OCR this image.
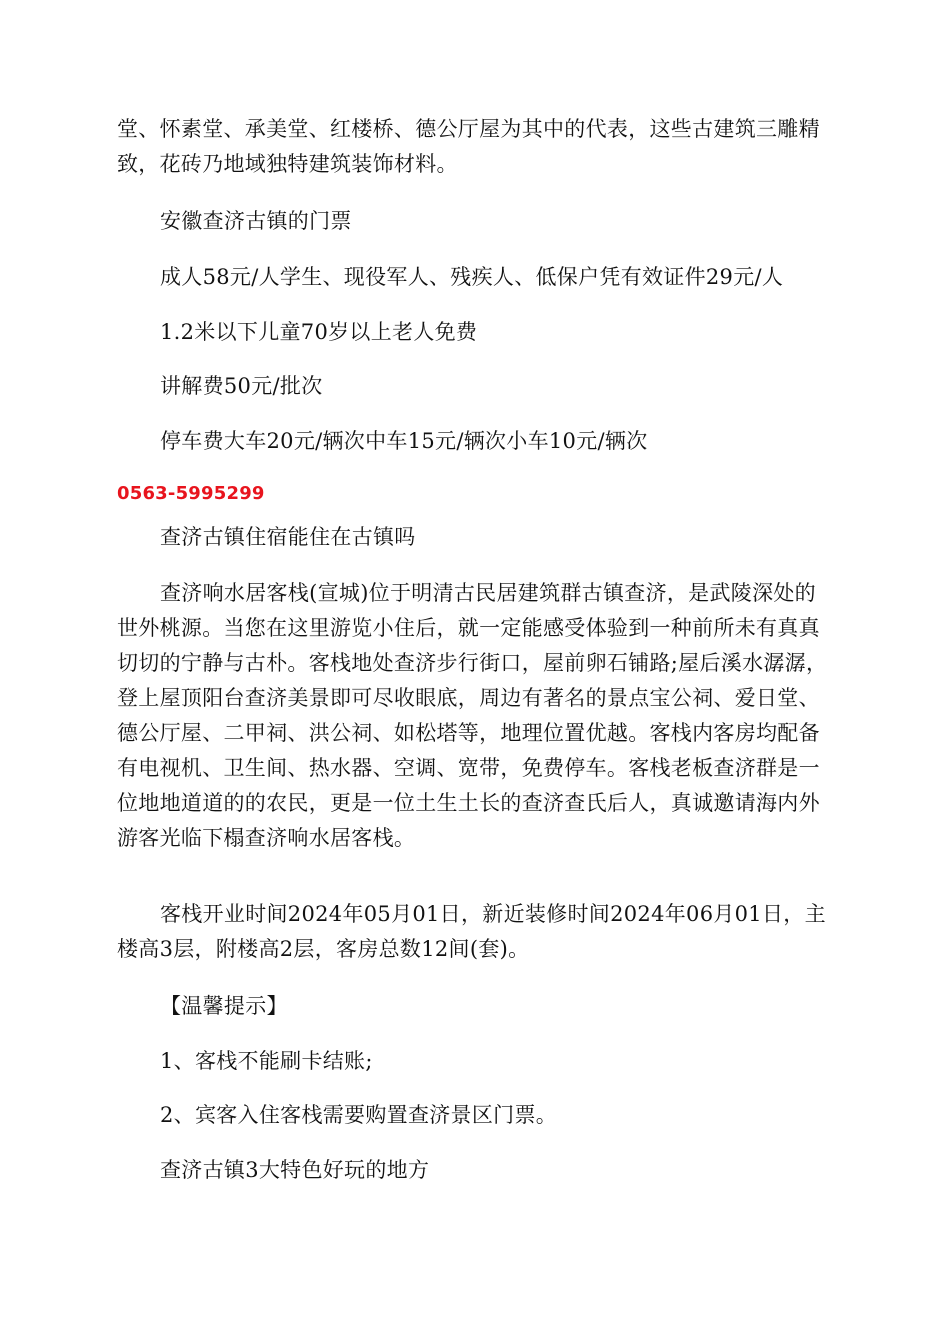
堂、怀素堂、承美堂、红楼桥、德公厅屋为其中的代表，这些古建筑三雕精致，花砖乃地域独特建筑装饰材料。

安徽查济古镇的门票

成人58元/人学生、现役军人、残疾人、低保户凭有效证件29元/人

1.2米以下儿童70岁以上老人免费

讲解费50元/批次

停车费大车20元/辆次中车15元/辆次小车10元/辆次

0563-5995299

查济古镇住宿能住在古镇吗

查济响水居客栈(宣城)位于明清古民居建筑群古镇查济，是武陵深处的世外桃源。当您在这里游览小住后，就一定能感受体验到一种前所未有真真切切的宁静与古朴。客栈地处查济步行街口，屋前卵石铺路;屋后溪水潺潺，登上屋顶阳台查济美景即可尽收眼底，周边有著名的景点宝公祠、爱日堂、德公厅屋、二甲祠、洪公祠、如松塔等，地理位置优越。客栈内客房均配备有电视机、卫生间、热水器、空调、宽带，免费停车。客栈老板查济群是一位地地道道的的农民，更是一位土生土长的查济查氏后人，真诚邀请海内外游客光临下榻查济响水居客栈。

客栈开业时间2024年05月01日，新近装修时间2024年06月01日，主楼高3层，附楼高2层，客房总数12间(套)。

【温馨提示】

1、客栈不能刷卡结账;

2、宾客入住客栈需要购置查济景区门票。

查济古镇3大特色好玩的地方
